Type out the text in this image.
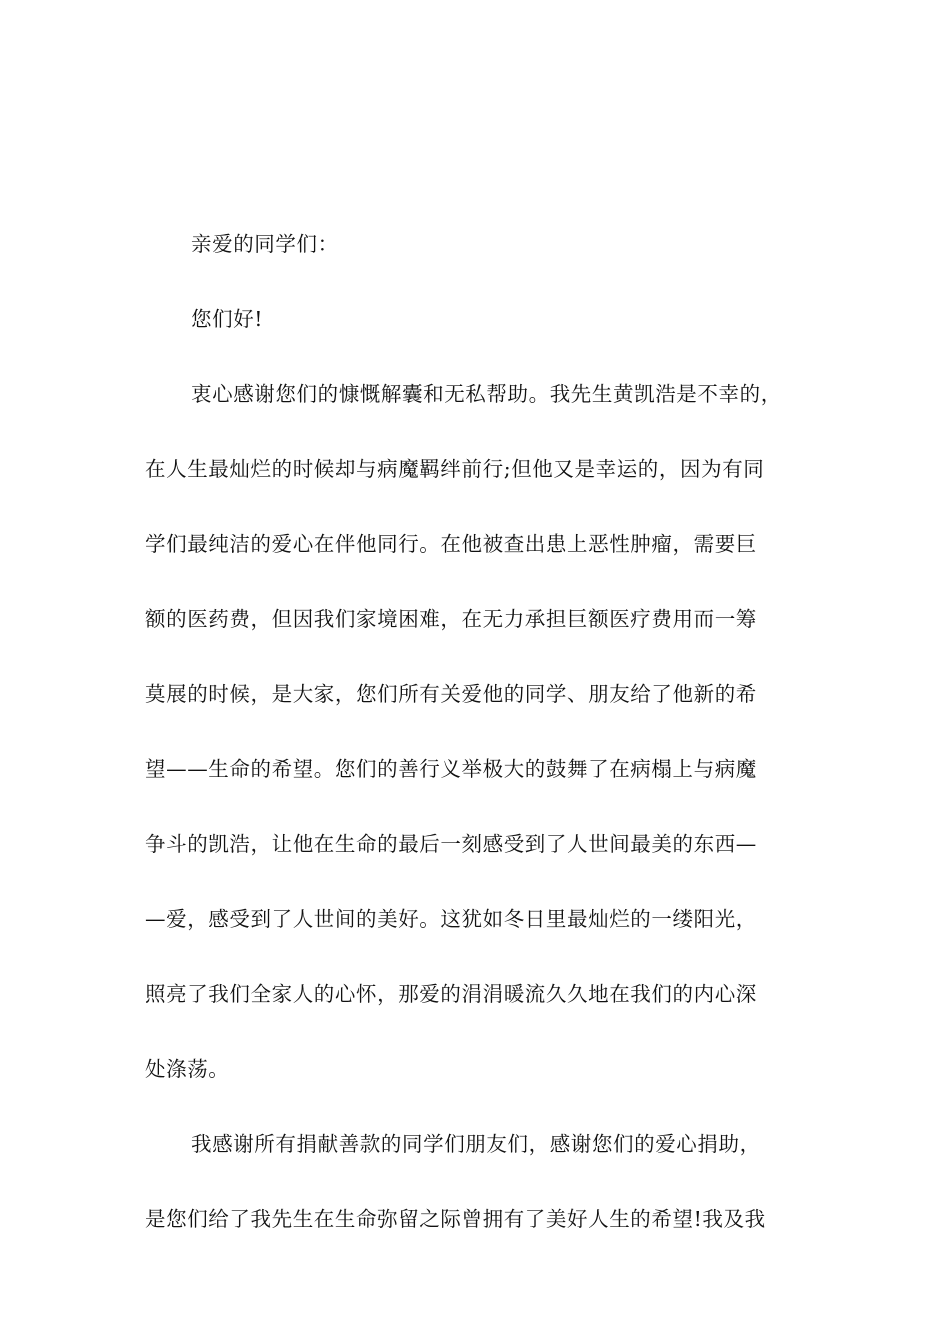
亲爱的同学们：
您们好!
衷心感谢您们的慷慨解囊和无私帮助。我先生黄凯浩是不幸的，
在人生最灿烂的时候却与病魔羁绊前行;但他又是幸运的，因为有同
学们最纯洁的爱心在伴他同行。在他被查出患上恶性肿瘤，需要巨
额的医药费，但因我们家境困难，在无力承担巨额医疗费用而一筹
莫展的时候，是大家，您们所有关爱他的同学、朋友给了他新的希
望——生命的希望。您们的善行义举极大的鼓舞了在病榻上与病魔
争斗的凯浩，让他在生命的最后一刻感受到了人世间最美的东西—
—爱，感受到了人世间的美好。这犹如冬日里最灿烂的一缕阳光，
照亮了我们全家人的心怀，那爱的涓涓暖流久久地在我们的内心深
处涤荡。
我感谢所有捐献善款的同学们朋友们，感谢您们的爱心捐助，
是您们给了我先生在生命弥留之际曾拥有了美好人生的希望!我及我
